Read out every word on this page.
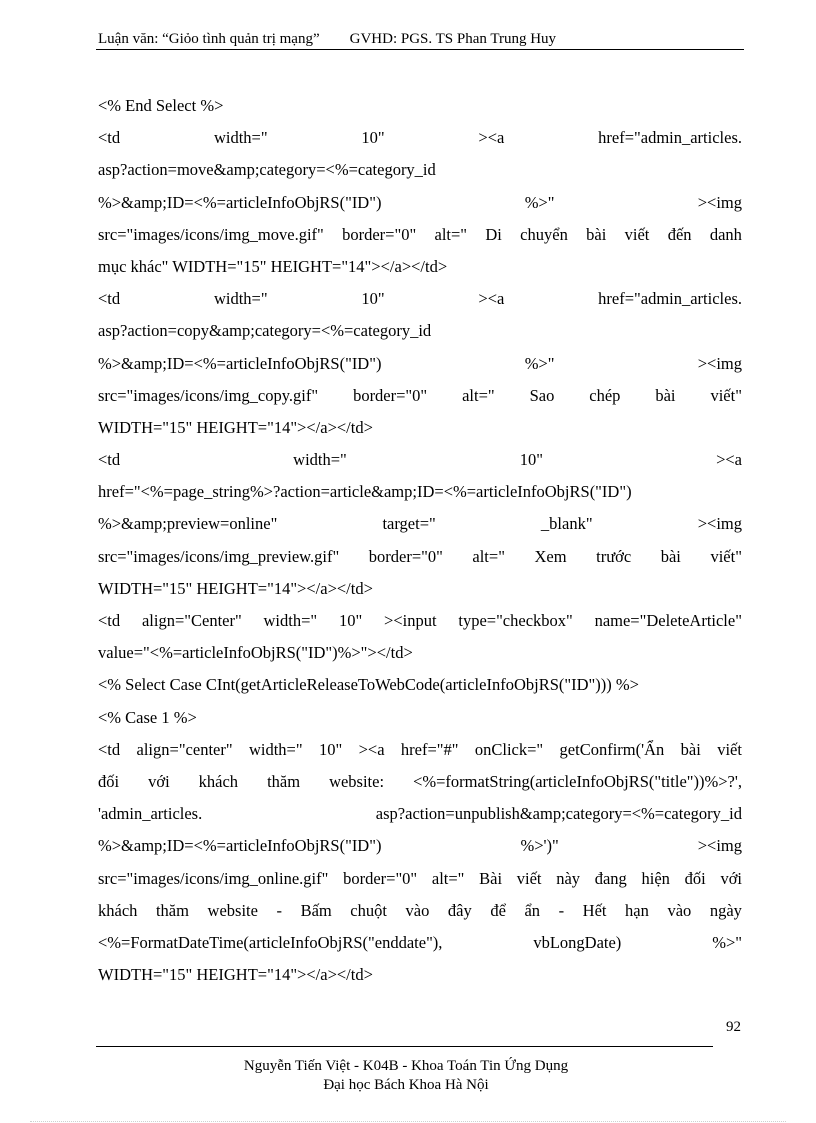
Luận văn: “Giỏo tình quản trị mạng” GVHD: PGS. TS Phan Trung Huy
<% End Select %>
<td	width="	10"	><a	href="admin_articles.
asp?action=move&amp;category=<%=category_id
%>&amp;ID=<%=articleInfoObjRS("ID")	%>"	><img
src="images/icons/img_move.gif" border="0" alt=" Di chuyển bài viết đến danh
mục khác" WIDTH="15" HEIGHT="14"></a></td>
<td	width="	10"	><a	href="admin_articles.
asp?action=copy&amp;category=<%=category_id
%>&amp;ID=<%=articleInfoObjRS("ID")	%>"	><img
src="images/icons/img_copy.gif" border="0" alt=" Sao chép bài viết"
WIDTH="15" HEIGHT="14"></a></td>
<td	width="	10"	><a
href="<%=page_string%>?action=article&amp;ID=<%=articleInfoObjRS("ID")
%>&amp;preview=online"	target="	_blank"	><img
src="images/icons/img_preview.gif" border="0" alt=" Xem trước bài viết"
WIDTH="15" HEIGHT="14"></a></td>
<td align="Center" width=" 10" ><input type="checkbox" name="DeleteArticle"
value="<%=articleInfoObjRS("ID")%>"></td>
<% Select Case CInt(getArticleReleaseToWebCode(articleInfoObjRS("ID"))) %>
<% Case 1 %>
<td align="center" width=" 10" ><a href="#" onClick=" getConfirm('Ẩn bài viết
đối với khách thăm website: <%=formatString(articleInfoObjRS("title"))%>?',
'admin_articles.	asp?action=unpublish&amp;category=<%=category_id
%>&amp;ID=<%=articleInfoObjRS("ID")	%>')"	><img
src="images/icons/img_online.gif" border="0" alt=" Bài viết này đang hiện đối với
khách thăm website - Bấm chuột vào đây để ẩn - Hết hạn vào ngày
<%=FormatDateTime(articleInfoObjRS("enddate"),	vbLongDate)	%>"
WIDTH="15" HEIGHT="14"></a></td>
92
Nguyễn Tiến Việt - K04B - Khoa Toán Tin Ứng Dụng
Đại học Bách Khoa Hà Nội
